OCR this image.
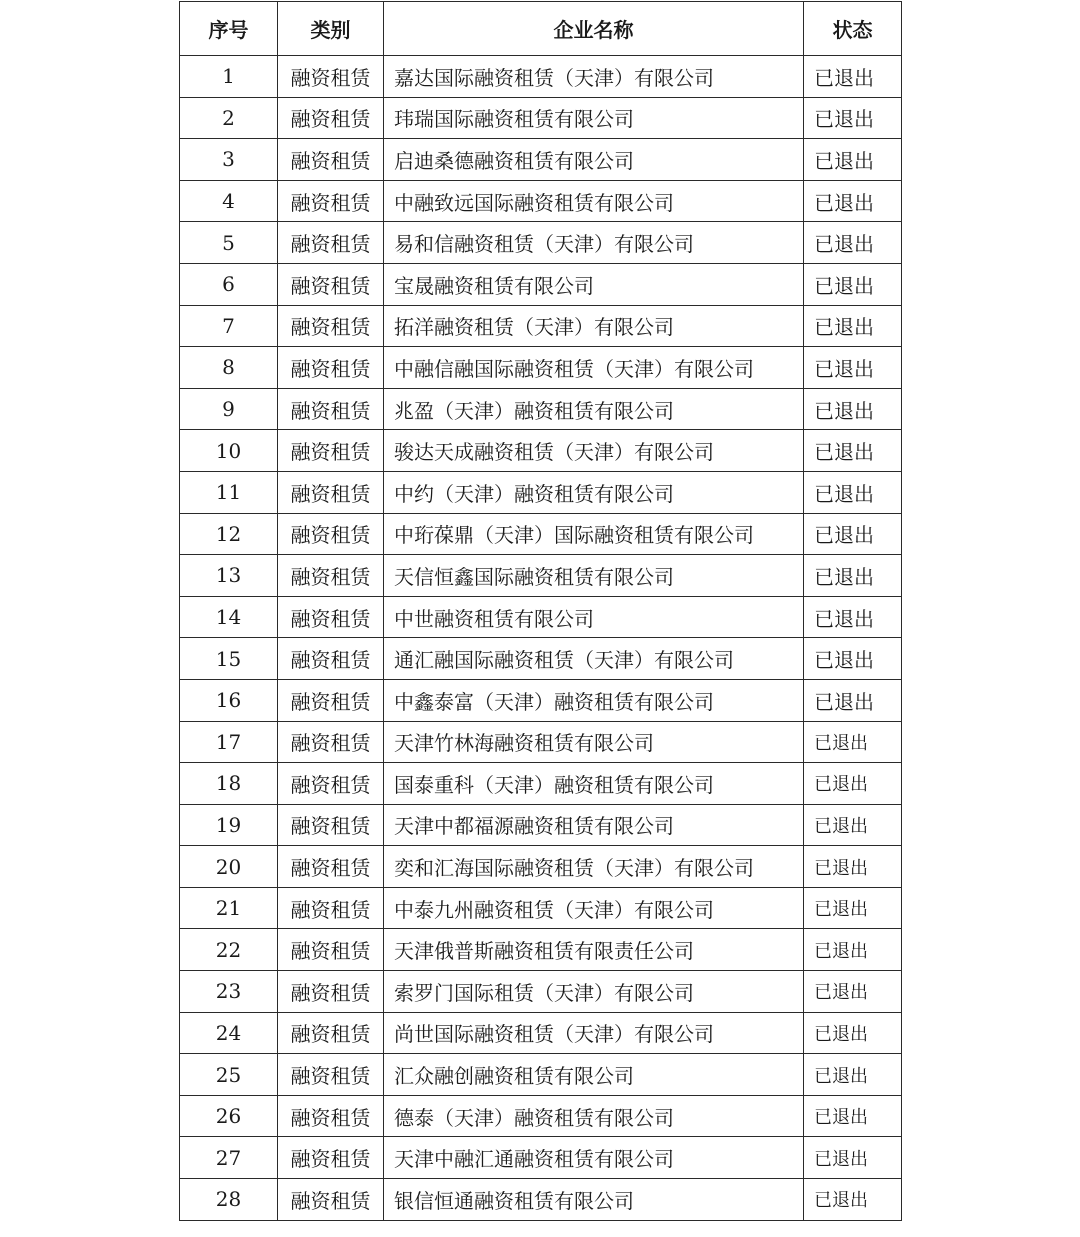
序号	类别	企业名称	状态
1	融资租赁	嘉达国际融资租赁（天津）有限公司	已退出
2	融资租赁	玮瑞国际融资租赁有限公司	已退出
3	融资租赁	启迪桑德融资租赁有限公司	已退出
4	融资租赁	中融致远国际融资租赁有限公司	已退出
5	融资租赁	易和信融资租赁（天津）有限公司	已退出
6	融资租赁	宝晟融资租赁有限公司	已退出
7	融资租赁	拓洋融资租赁（天津）有限公司	已退出
8	融资租赁	中融信融国际融资租赁（天津）有限公司	已退出
9	融资租赁	兆盈（天津）融资租赁有限公司	已退出
10	融资租赁	骏达天成融资租赁（天津）有限公司	已退出
11	融资租赁	中约（天津）融资租赁有限公司	已退出
12	融资租赁	中珩葆鼎（天津）国际融资租赁有限公司	已退出
13	融资租赁	天信恒鑫国际融资租赁有限公司	已退出
14	融资租赁	中世融资租赁有限公司	已退出
15	融资租赁	通汇融国际融资租赁（天津）有限公司	已退出
16	融资租赁	中鑫泰富（天津）融资租赁有限公司	已退出
17	融资租赁	天津竹林海融资租赁有限公司	已退出
18	融资租赁	国泰重科（天津）融资租赁有限公司	已退出
19	融资租赁	天津中都福源融资租赁有限公司	已退出
20	融资租赁	奕和汇海国际融资租赁（天津）有限公司	已退出
21	融资租赁	中泰九州融资租赁（天津）有限公司	已退出
22	融资租赁	天津俄普斯融资租赁有限责任公司	已退出
23	融资租赁	索罗门国际租赁（天津）有限公司	已退出
24	融资租赁	尚世国际融资租赁（天津）有限公司	已退出
25	融资租赁	汇众融创融资租赁有限公司	已退出
26	融资租赁	德泰（天津）融资租赁有限公司	已退出
27	融资租赁	天津中融汇通融资租赁有限公司	已退出
28	融资租赁	银信恒通融资租赁有限公司	已退出
